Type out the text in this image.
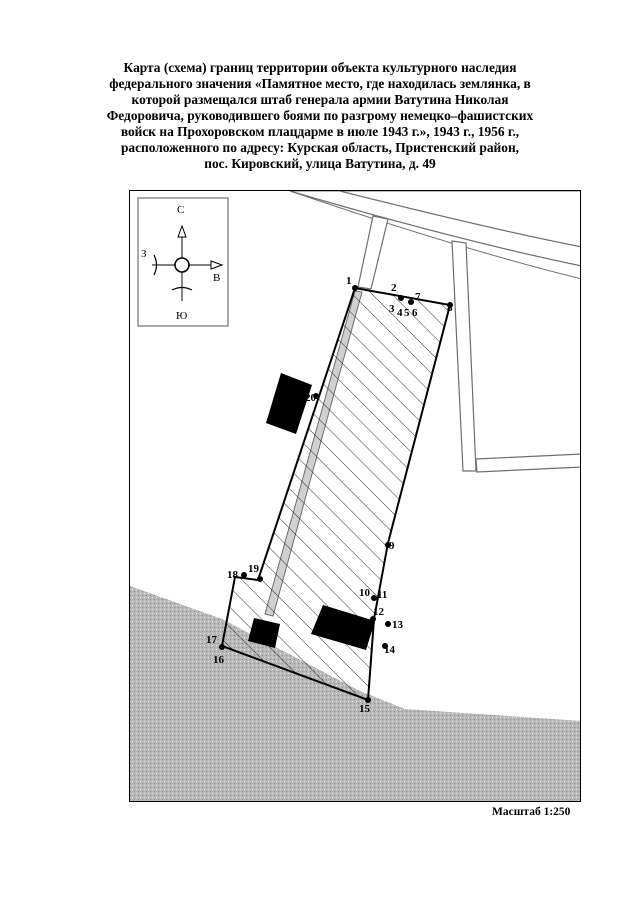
Карта (схема) границ территории объекта культурного наследия
федерального значения «Памятное место, где находилась землянка, в
которой размещался штаб генерала армии Ватутина Николая
Федоровича, руководившего боями по разгрому немецко–фашистских
войск на Прохоровском плацдарме в июле 1943 г.», 1943 г., 1956 г.,
расположенного по адресу: Курская область, Пристенский район,
пос. Кировский, улица Ватутина, д. 49
1
2
3 4 5 6
7
8
9
10 11
12
13
14
15
16
17
18 19
20
С
Ю
З
В
Масштаб 1:250
